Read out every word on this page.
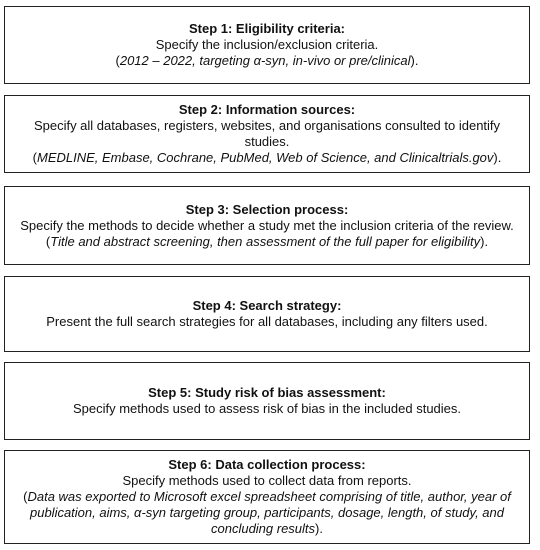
Step 1: Eligibility criteria:
Specify the inclusion/exclusion criteria.
(2012 – 2022, targeting α-syn, in-vivo or pre/clinical).
Step 2: Information sources:
Specify all databases, registers, websites, and organisations consulted to identify studies.
(MEDLINE, Embase, Cochrane, PubMed, Web of Science, and Clinicaltrials.gov).
Step 3: Selection process:
Specify the methods to decide whether a study met the inclusion criteria of the review.
(Title and abstract screening, then assessment of the full paper for eligibility).
Step 4: Search strategy:
Present the full search strategies for all databases, including any filters used.
Step 5: Study risk of bias assessment:
Specify methods used to assess risk of bias in the included studies.
Step 6: Data collection process:
Specify methods used to collect data from reports.
(Data was exported to Microsoft excel spreadsheet comprising of title, author, year of publication, aims, α-syn targeting group, participants, dosage, length, of study, and concluding results).
